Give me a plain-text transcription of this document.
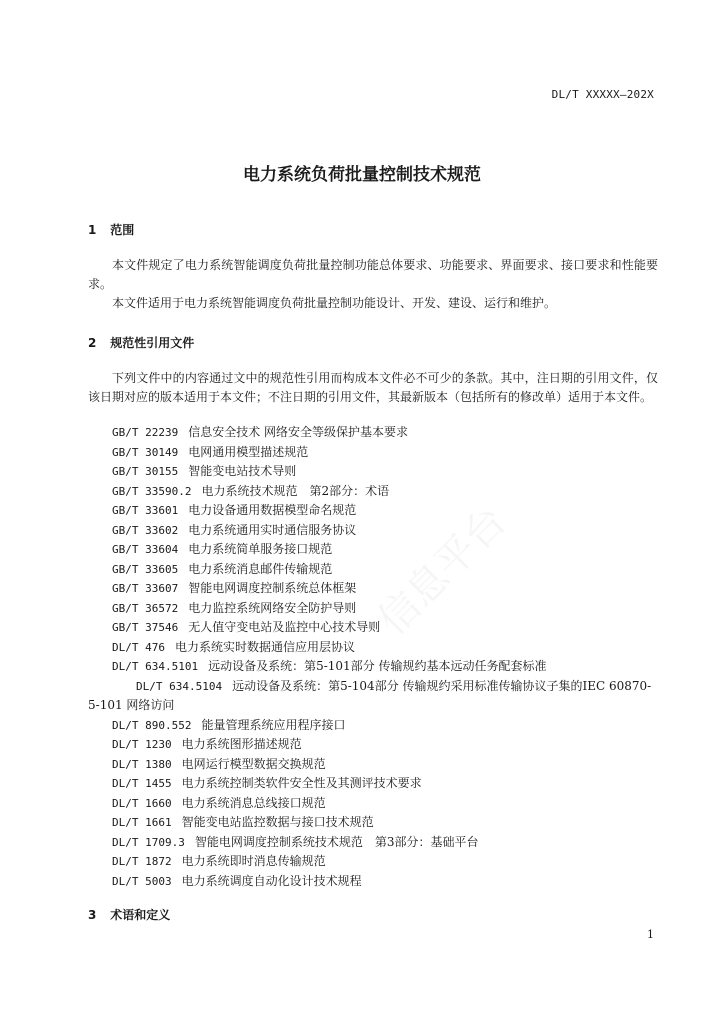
信息平台
DL/T XXXXX—202X
电力系统负荷批量控制技术规范
1 范围
本文件规定了电力系统智能调度负荷批量控制功能总体要求、功能要求、界面要求、接口要求和性能要求。
本文件适用于电力系统智能调度负荷批量控制功能设计、开发、建设、运行和维护。
2 规范性引用文件
下列文件中的内容通过文中的规范性引用而构成本文件必不可少的条款。其中，注日期的引用文件，仅该日期对应的版本适用于本文件；不注日期的引用文件，其最新版本（包括所有的修改单）适用于本文件。
GB/T 22239 信息安全技术 网络安全等级保护基本要求
GB/T 30149 电网通用模型描述规范
GB/T 30155 智能变电站技术导则
GB/T 33590.2 电力系统技术规范　第2部分：术语
GB/T 33601 电力设备通用数据模型命名规范
GB/T 33602 电力系统通用实时通信服务协议
GB/T 33604 电力系统简单服务接口规范
GB/T 33605 电力系统消息邮件传输规范
GB/T 33607 智能电网调度控制系统总体框架
GB/T 36572 电力监控系统网络安全防护导则
GB/T 37546 无人值守变电站及监控中心技术导则
DL/T 476 电力系统实时数据通信应用层协议
DL/T 634.5101 远动设备及系统：第5-101部分 传输规约基本远动任务配套标准
DL/T 634.5104 远动设备及系统：第5-104部分 传输规约采用标准传输协议子集的IEC 60870-5-101 网络访问
DL/T 890.552 能量管理系统应用程序接口
DL/T 1230 电力系统图形描述规范
DL/T 1380 电网运行模型数据交换规范
DL/T 1455 电力系统控制类软件安全性及其测评技术要求
DL/T 1660 电力系统消息总线接口规范
DL/T 1661 智能变电站监控数据与接口技术规范
DL/T 1709.3 智能电网调度控制系统技术规范　第3部分：基础平台
DL/T 1872 电力系统即时消息传输规范
DL/T 5003 电力系统调度自动化设计技术规程
3 术语和定义
1
